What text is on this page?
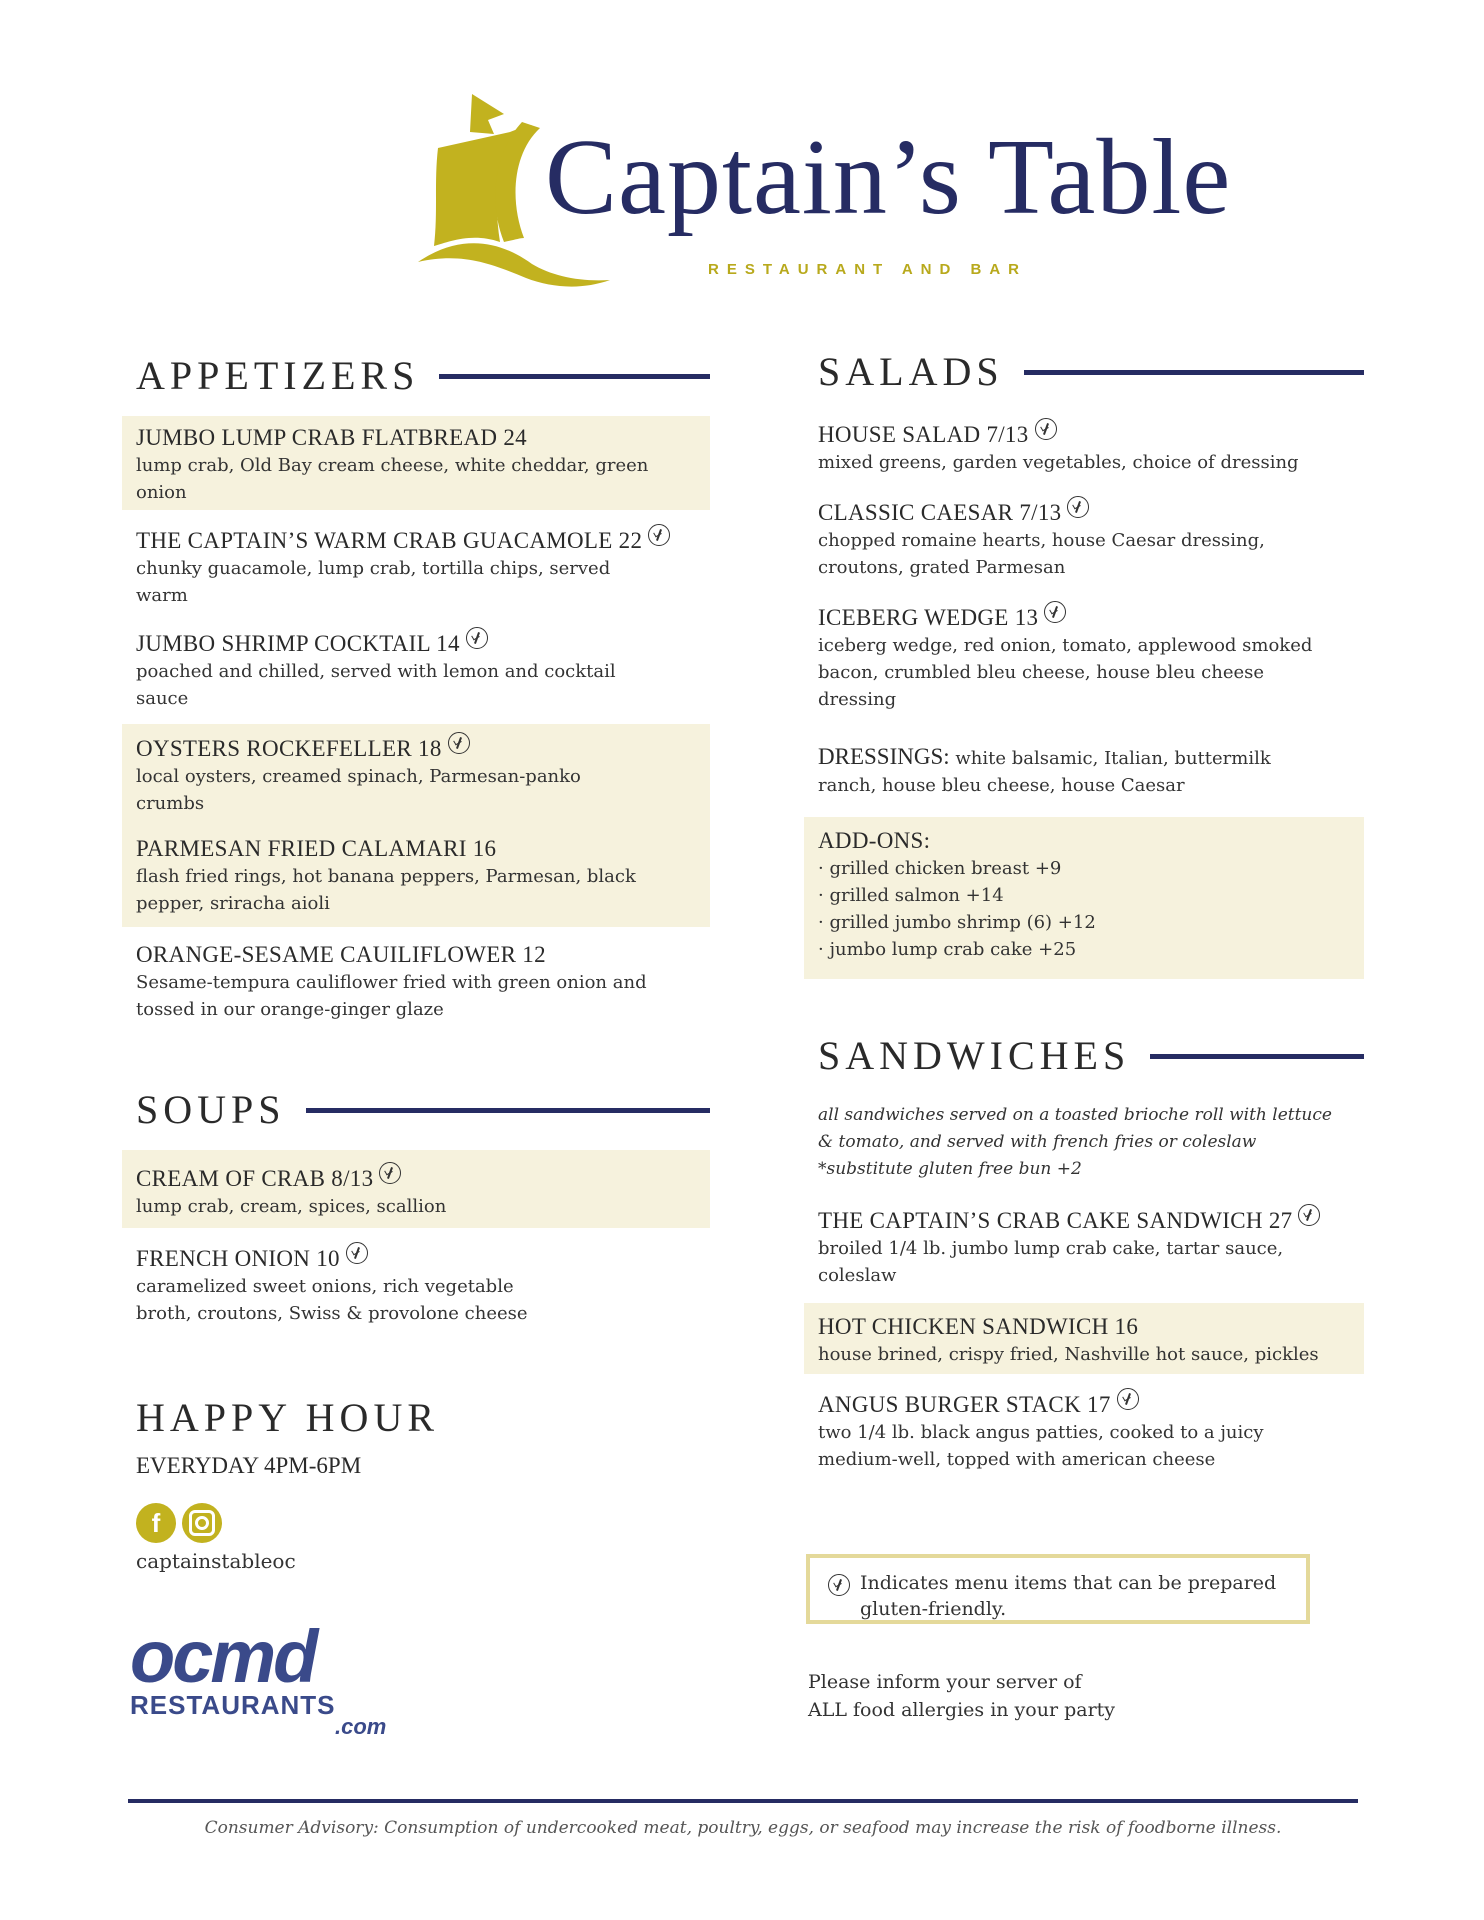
Captain’s Table
RESTAURANT AND BAR
APPETIZERS
JUMBO LUMP CRAB FLATBREAD 24
lump crab, Old Bay cream cheese, white cheddar, green onion
THE CAPTAIN’S WARM CRAB GUACAMOLE 22
chunky guacamole, lump crab, tortilla chips, served warm
JUMBO SHRIMP COCKTAIL 14
poached and chilled, served with lemon and cocktail sauce
OYSTERS ROCKEFELLER 18
local oysters, creamed spinach, Parmesan-panko crumbs
PARMESAN FRIED CALAMARI 16
flash fried rings, hot banana peppers, Parmesan, black pepper, sriracha aioli
ORANGE-SESAME CAUILIFLOWER 12
Sesame-tempura cauliflower fried with green onion and tossed in our orange-ginger glaze
SOUPS
CREAM OF CRAB 8/13
lump crab, cream, spices, scallion
FRENCH ONION 10
caramelized sweet onions, rich vegetable broth, croutons, Swiss & provolone cheese
HAPPY HOUR
EVERYDAY 4PM-6PM
f
captainstableoc
ocmd
RESTAURANTS
.com
SALADS
HOUSE SALAD 7/13
mixed greens, garden vegetables, choice of dressing
CLASSIC CAESAR 7/13
chopped romaine hearts, house Caesar dressing, croutons, grated Parmesan
ICEBERG WEDGE 13
iceberg wedge, red onion, tomato, applewood smoked bacon, crumbled bleu cheese, house bleu cheese dressing
DRESSINGS: white balsamic, Italian, buttermilk ranch, house bleu cheese, house Caesar
ADD-ONS:
· grilled chicken breast +9
· grilled salmon +14
· grilled jumbo shrimp (6) +12
· jumbo lump crab cake +25
SANDWICHES
all sandwiches served on a toasted brioche roll with lettuce & tomato, and served with french fries or coleslaw
*substitute gluten free bun +2
THE CAPTAIN’S CRAB CAKE SANDWICH 27
broiled 1/4 lb. jumbo lump crab cake, tartar sauce, coleslaw
HOT CHICKEN SANDWICH 16
house brined, crispy fried, Nashville hot sauce, pickles
ANGUS BURGER STACK 17
two 1/4 lb. black angus patties, cooked to a juicy medium-well, topped with american cheese
Indicates menu items that can be prepared gluten-friendly.
Please inform your server of
ALL food allergies in your party
Consumer Advisory: Consumption of undercooked meat, poultry, eggs, or seafood may increase the risk of foodborne illness.
